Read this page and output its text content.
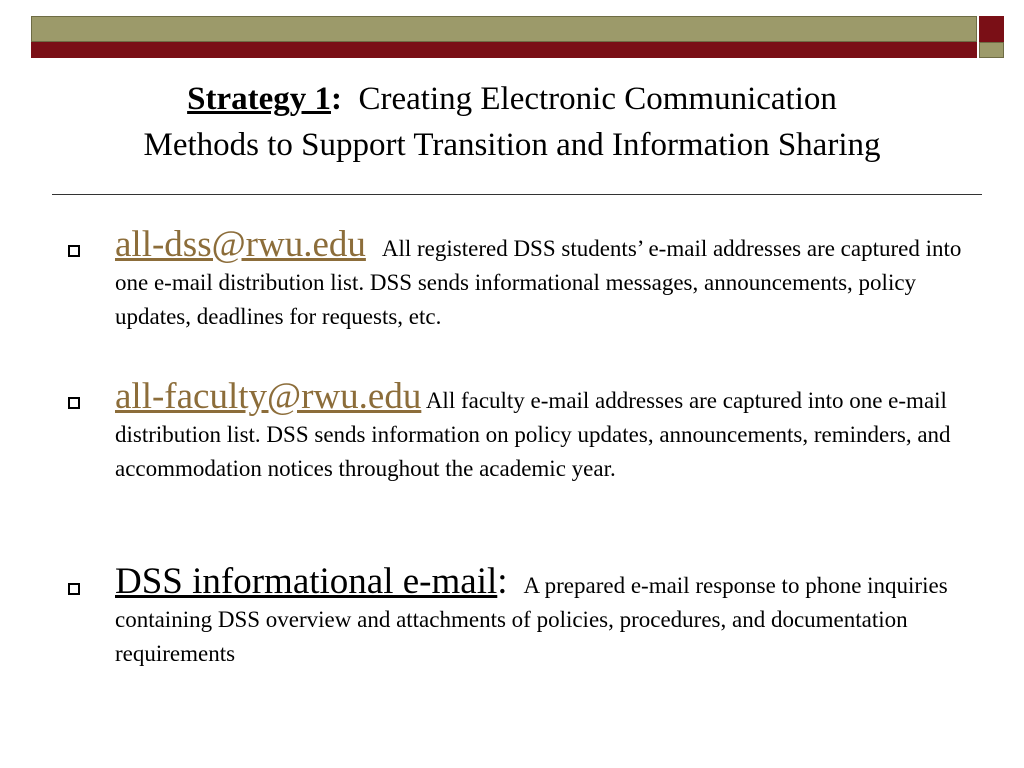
Strategy 1: Creating Electronic Communication
Methods to Support Transition and Information Sharing
all-dss@rwu.edu All registered DSS students’ e-mail addresses are captured into one e-mail distribution list. DSS sends informational messages, announcements, policy updates, deadlines for requests, etc.
all-faculty@rwu.edu All faculty e-mail addresses are captured into one e-mail distribution list. DSS sends information on policy updates, announcements, reminders, and accommodation notices throughout the academic year.
DSS informational e-mail: A prepared e-mail response to phone inquiries containing DSS overview and attachments of policies, procedures, and documentation requirements
